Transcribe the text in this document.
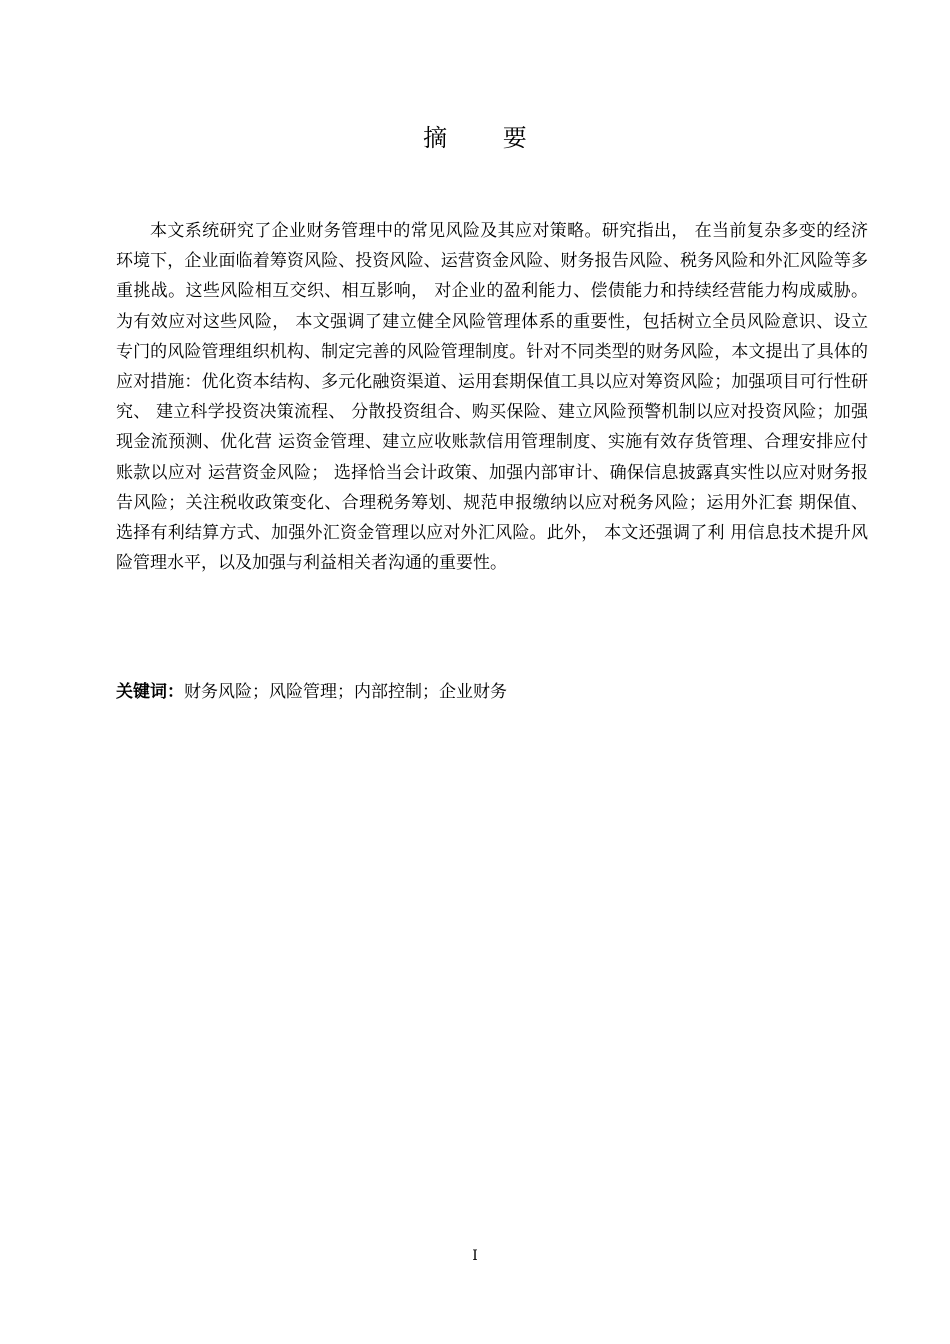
摘 要

本文系统研究了企业财务管理中的常见风险及其应对策略。研究指出， 在当前复杂多变的经济环境下，企业面临着筹资风险、投资风险、运营资金风险、财务报告风险、税务风险和外汇风险等多重挑战。这些风险相互交织、相互影响， 对企业的盈利能力、偿债能力和持续经营能力构成威胁。为有效应对这些风险， 本文强调了建立健全风险管理体系的重要性，包括树立全员风险意识、设立专门的风险管理组织机构、制定完善的风险管理制度。针对不同类型的财务风险，本文提出了具体的应对措施：优化资本结构、多元化融资渠道、运用套期保值工具以应对筹资风险；加强项目可行性研究、 建立科学投资决策流程、 分散投资组合、购买保险、建立风险预警机制以应对投资风险；加强现金流预测、优化营 运资金管理、建立应收账款信用管理制度、实施有效存货管理、合理安排应付账款以应对 运营资金风险； 选择恰当会计政策、加强内部审计、确保信息披露真实性以应对财务报 告风险；关注税收政策变化、合理税务筹划、规范申报缴纳以应对税务风险；运用外汇套 期保值、选择有利结算方式、加强外汇资金管理以应对外汇风险。此外， 本文还强调了利 用信息技术提升风险管理水平，以及加强与利益相关者沟通的重要性。

关键词：财务风险；风险管理；内部控制；企业财务

I
